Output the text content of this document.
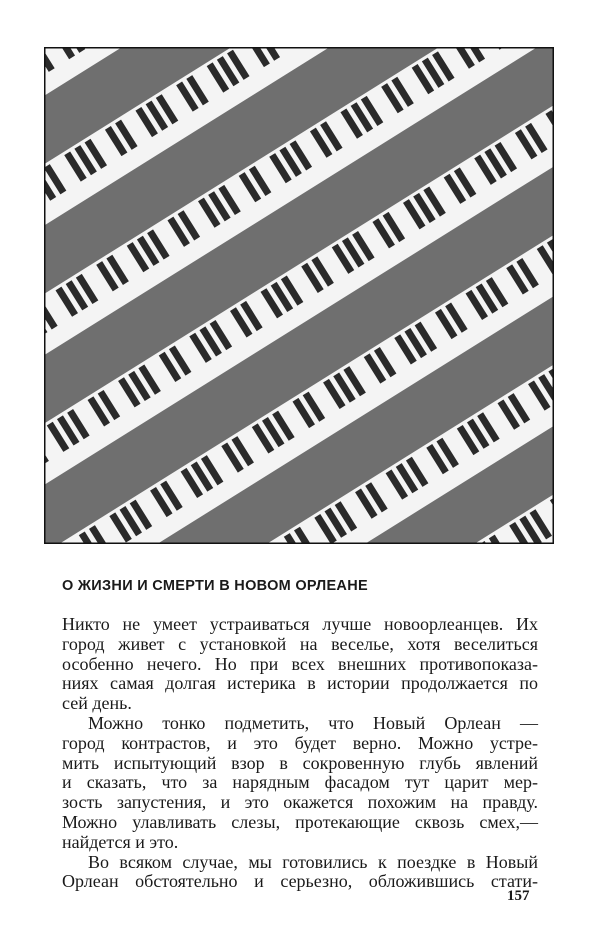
О ЖИЗНИ И СМЕРТИ В НОВОМ ОРЛЕАНЕ

Никто не умеет устраиваться лучше новоорлеанцев. Их
город живет с установкой на веселье, хотя веселиться
особенно нечего. Но при всех внешних противопоказа-
ниях самая долгая истерика в истории продолжается по

сей день.

Можно тонко подметить, что Новый Орлеан —
город контрастов, и это будет верно. Можно устре-
мить испытующий взор в сокровенную глубь явлений
и сказать, что за нарядным фасадом тут царит мер-
зость запустения, и это окажется похожим на правду.
Можно улавливать слезы, протекающие сквозь смех,—

найдется и это.

Во всяком случае, мы готовились к поездке в Новый
Орлеан обстоятельно и серьезно, обложившись стати-

157
